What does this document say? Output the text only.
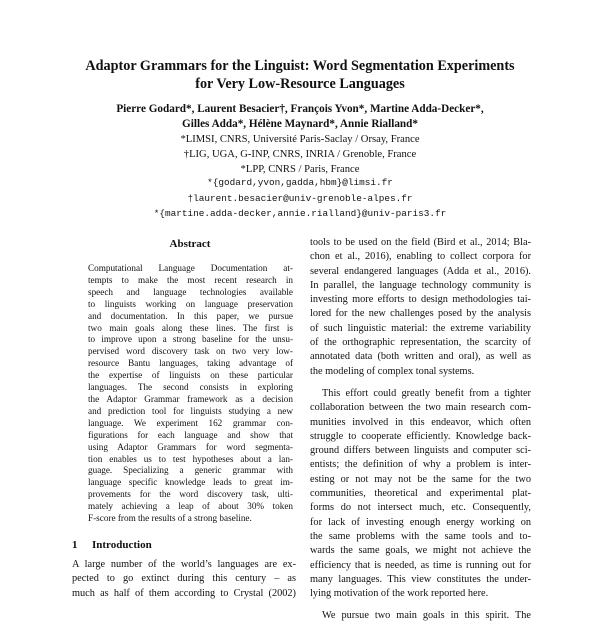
Adaptor Grammars for the Linguist: Word Segmentation Experiments
for Very Low-Resource Languages
Pierre Godard*, Laurent Besacier†, François Yvon*, Martine Adda-Decker*,
Gilles Adda*, Hélène Maynard*, Annie Rialland*
*LIMSI, CNRS, Université Paris-Saclay / Orsay, France
†LIG, UGA, G-INP, CNRS, INRIA / Grenoble, France
*LPP, CNRS / Paris, France
*{godard,yvon,gadda,hbm}@limsi.fr
†laurent.besacier@univ-grenoble-alpes.fr
*{martine.adda-decker,annie.rialland}@univ-paris3.fr
Abstract
Computational Language Documentation at-
tempts to make the most recent research in
speech and language technologies available
to linguists working on language preservation
and documentation. In this paper, we pursue
two main goals along these lines. The first is
to improve upon a strong baseline for the unsu-
pervised word discovery task on two very low-
resource Bantu languages, taking advantage of
the expertise of linguists on these particular
languages. The second consists in exploring
the Adaptor Grammar framework as a decision
and prediction tool for linguists studying a new
language. We experiment 162 grammar con-
figurations for each language and show that
using Adaptor Grammars for word segmenta-
tion enables us to test hypotheses about a lan-
guage. Specializing a generic grammar with
language specific knowledge leads to great im-
provements for the word discovery task, ulti-
mately achieving a leap of about 30% token
F-score from the results of a strong baseline.
1 Introduction
A large number of the world’s languages are ex-
pected to go extinct during this century – as
much as half of them according to Crystal (2002)
tools to be used on the field (Bird et al., 2014; Bla-
chon et al., 2016), enabling to collect corpora for
several endangered languages (Adda et al., 2016).
In parallel, the language technology community is
investing more efforts to design methodologies tai-
lored for the new challenges posed by the analysis
of such linguistic material: the extreme variability
of the orthographic representation, the scarcity of
annotated data (both written and oral), as well as
the modeling of complex tonal systems.
This effort could greatly benefit from a tighter
collaboration between the two main research com-
munities involved in this endeavor, which often
struggle to cooperate efficiently. Knowledge back-
ground differs between linguists and computer sci-
entists; the definition of why a problem is inter-
esting or not may not be the same for the two
communities, theoretical and experimental plat-
forms do not intersect much, etc. Consequently,
for lack of investing enough energy working on
the same problems with the same tools and to-
wards the same goals, we might not achieve the
efficiency that is needed, as time is running out for
many languages. This view constitutes the under-
lying motivation of the work reported here.
We pursue two main goals in this spirit. The
